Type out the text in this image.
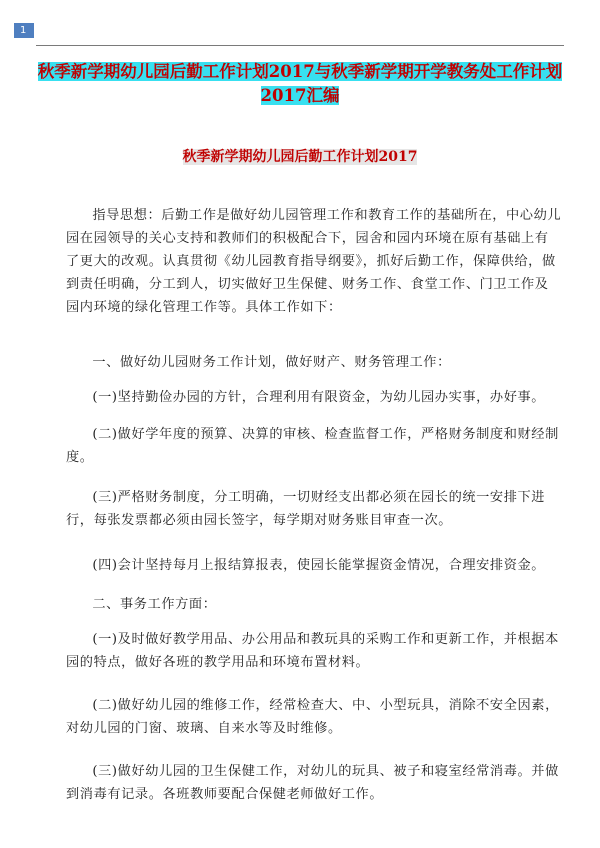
1
秋季新学期幼儿园后勤工作计划2017与秋季新学期开学教务处工作计划2017汇编
秋季新学期幼儿园后勤工作计划2017

指导思想：后勤工作是做好幼儿园管理工作和教育工作的基础所在，中心幼儿园在园领导的关心支持和教师们的积极配合下，园舍和园内环境在原有基础上有了更大的改观。认真贯彻《幼儿园教育指导纲要》，抓好后勤工作，保障供给，做到责任明确，分工到人，切实做好卫生保健、财务工作、食堂工作、门卫工作及园内环境的绿化管理工作等。具体工作如下：

一、做好幼儿园财务工作计划，做好财产、财务管理工作：

(一)坚持勤俭办园的方针，合理利用有限资金，为幼儿园办实事，办好事。

(二)做好学年度的预算、决算的审核、检查监督工作，严格财务制度和财经制度。

(三)严格财务制度，分工明确，一切财经支出都必须在园长的统一安排下进行，每张发票都必须由园长签字，每学期对财务账目审查一次。

(四)会计坚持每月上报结算报表，使园长能掌握资金情况，合理安排资金。

二、事务工作方面：

(一)及时做好教学用品、办公用品和教玩具的采购工作和更新工作，并根据本园的特点，做好各班的教学用品和环境布置材料。

(二)做好幼儿园的维修工作，经常检查大、中、小型玩具，消除不安全因素，对幼儿园的门窗、玻璃、自来水等及时维修。

(三)做好幼儿园的卫生保健工作，对幼儿的玩具、被子和寝室经常消毒。并做到消毒有记录。各班教师要配合保健老师做好工作。
